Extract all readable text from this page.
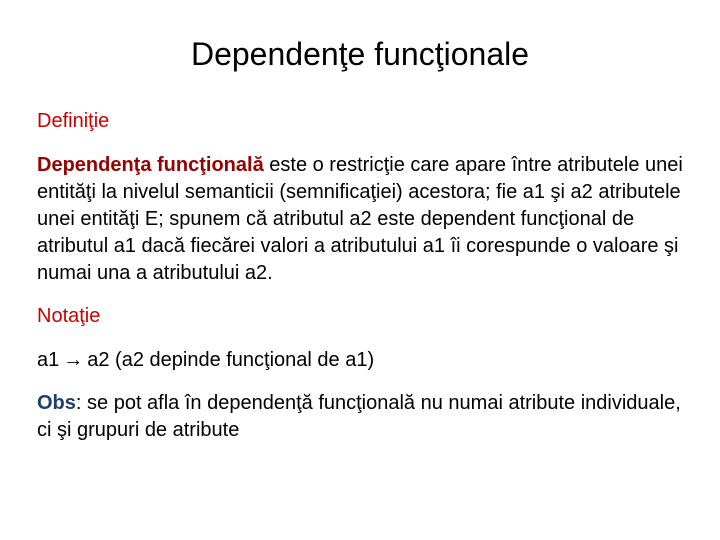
Dependenţe funcţionale

Definiţie

Dependenţa funcţională este o restricţie care apare între atributele unei entităţi la nivelul semanticii (semnificaţiei) acestora; fie a1 şi a2 atributele unei entităţi E; spunem că atributul a2 este dependent funcţional de atributul a1 dacă fiecărei valori a atributului a1 îi corespunde o valoare şi numai una a atributului a2.

Notaţie

a1 → a2 (a2 depinde funcţional de a1)

Obs: se pot afla în dependenţă funcţională nu numai atribute individuale, ci şi grupuri de atribute
